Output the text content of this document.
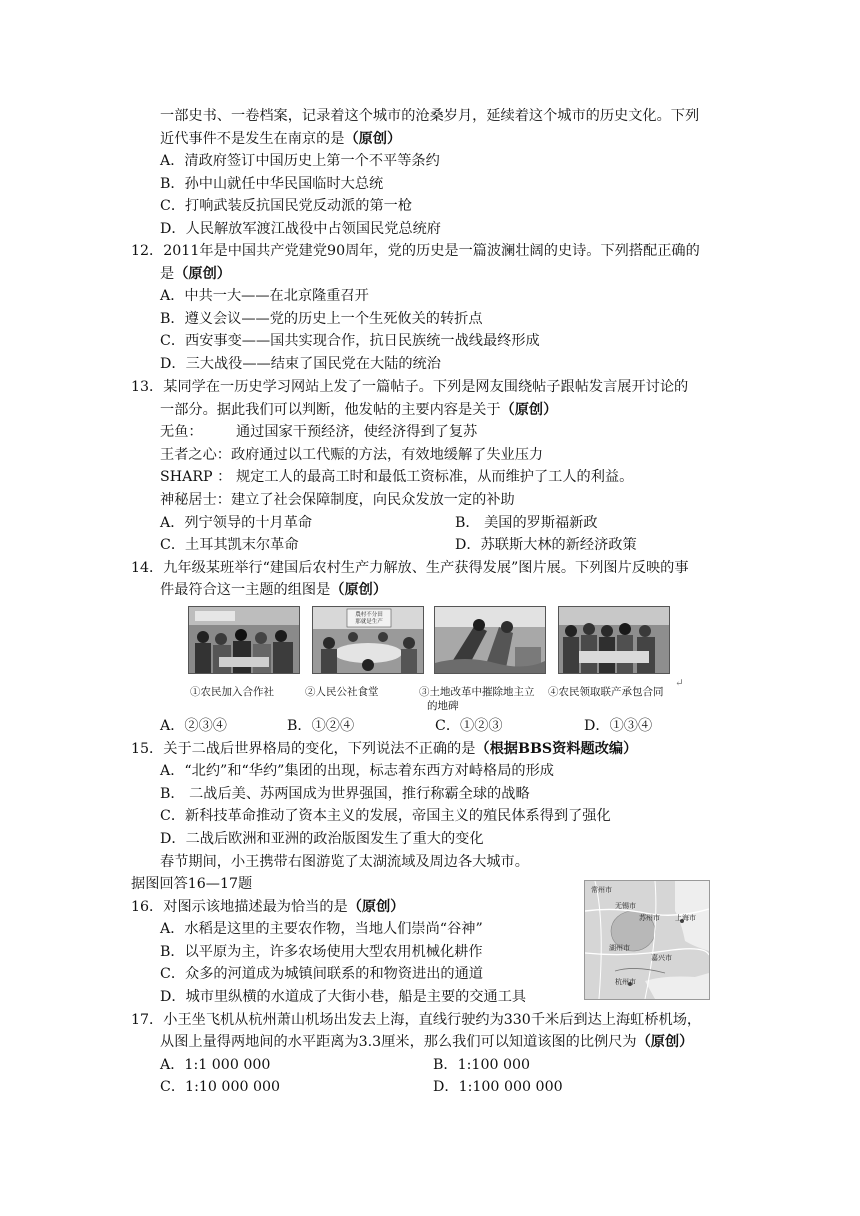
一部史书、一卷档案，记录着这个城市的沧桑岁月，延续着这个城市的历史文化。下列
近代事件不是发生在南京的是（原创）
A．清政府签订中国历史上第一个不平等条约
B．孙中山就任中华民国临时大总统
C．打响武装反抗国民党反动派的第一枪
D．人民解放军渡江战役中占领国民党总统府
12．2011年是中国共产党建党90周年，党的历史是一篇波澜壮阔的史诗。下列搭配正确的
是（原创）
A．中共一大——在北京隆重召开
B．遵义会议——党的历史上一个生死攸关的转折点
C．西安事变——国共实现合作，抗日民族统一战线最终形成
D．三大战役——结束了国民党在大陆的统治
13．某同学在一历史学习网站上发了一篇帖子。下列是网友围绕帖子跟帖发言展开讨论的
一部分。据此我们可以判断，他发帖的主要内容是关于（原创）
无鱼： 通过国家干预经济，使经济得到了复苏
王者之心：政府通过以工代赈的方法，有效地缓解了失业压力
SHARP ： 规定工人的最高工时和最低工资标准，从而维护了工人的利益。
神秘居士：建立了社会保障制度，向民众发放一定的补助
A．列宁领导的十月革命	B． 美国的罗斯福新政
C．土耳其凯末尔革命	D．苏联斯大林的新经济政策
14．九年级某班举行“建国后农村生产力解放、生产获得发展”图片展。下列图片反映的事
件最符合这一主题的组图是（原创）
農村不分田
那就是生产
①农民加入合作社	②人民公社食堂	③土地改革中摧除地主立 ④农民领取联产承包合同
↵
的地碑
A．②③④	B．①②④	C．①②③	D．①③④
15．关于二战后世界格局的变化，下列说法不正确的是（根据BBS资料题改编）
A．“北约”和“华约”集团的出现，标志着东西方对峙格局的形成
B． 二战后美、苏两国成为世界强国，推行称霸全球的战略
C．新科技革命推动了资本主义的发展，帝国主义的殖民体系得到了强化
D．二战后欧洲和亚洲的政治版图发生了重大的变化
春节期间，小王携带右图游览了太湖流域及周边各大城市。
据图回答16—17题	常州市
无锡市
苏州市 上海市
湖州市
嘉兴市
杭州市
16．对图示该地描述最为恰当的是（原创）
A．水稻是这里的主要农作物，当地人们崇尚“谷神”
B．以平原为主，许多农场使用大型农用机械化耕作
C．众多的河道成为城镇间联系的和物资进出的通道
D．城市里纵横的水道成了大街小巷，船是主要的交通工具
17．小王坐飞机从杭州萧山机场出发去上海，直线行驶约为330千米后到达上海虹桥机场，
从图上量得两地间的水平距离为3.3厘米，那么我们可以知道该图的比例尺为（原创）
A．1:1 000 000	B．1:100 000
C．1:10 000 000	D．1:100 000 000
